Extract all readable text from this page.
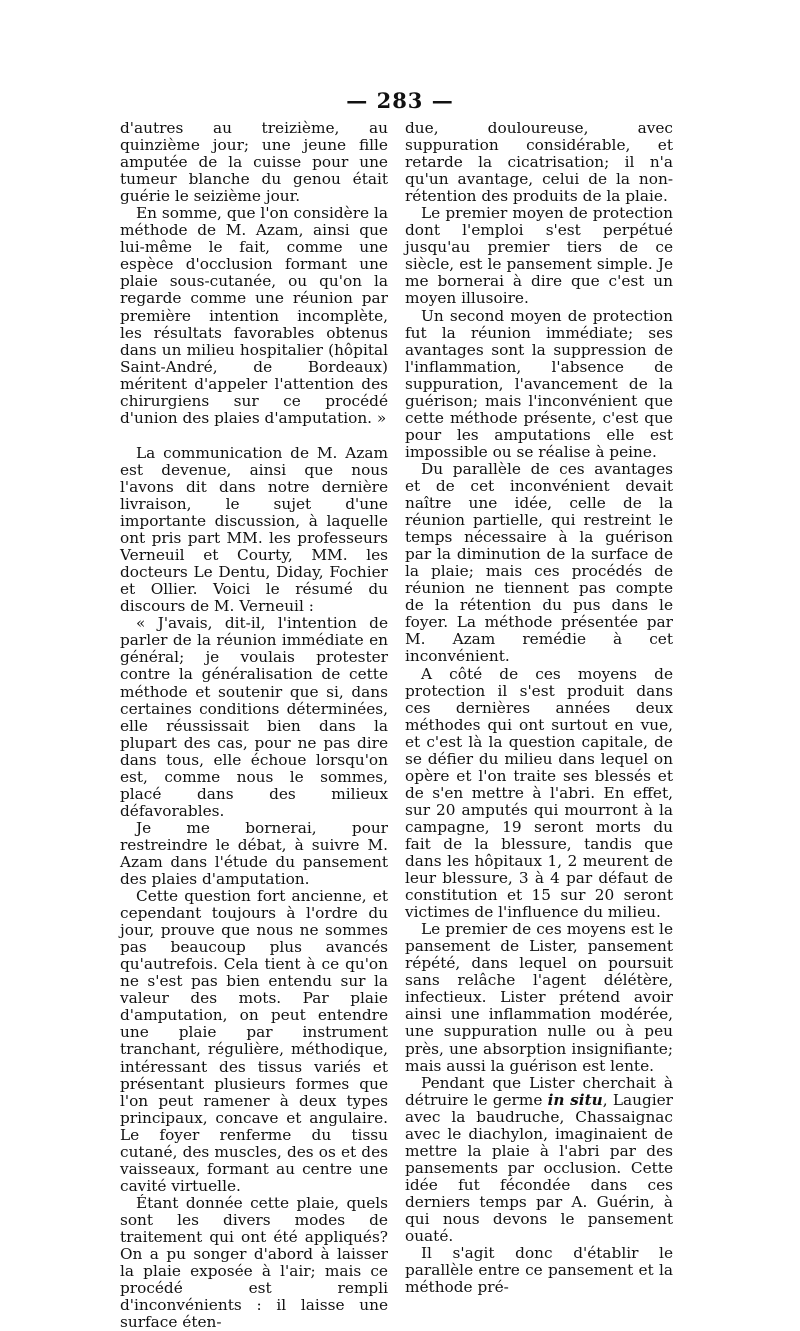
— 283 —

d'autres au treizième, au quinzième jour; une jeune fille amputée de la cuisse pour une tumeur blanche du genou était guérie le seizième jour.

En somme, que l'on considère la méthode de M. Azam, ainsi que lui-même le fait, comme une espèce d'occlusion formant une plaie sous-cutanée, ou qu'on la regarde comme une réunion par première intention incomplète, les résultats favorables obtenus dans un milieu hospitalier (hôpital Saint-André, de Bordeaux) méritent d'appeler l'attention des chirurgiens sur ce procédé d'union des plaies d'amputation. »

La communication de M. Azam est devenue, ainsi que nous l'avons dit dans notre dernière livraison, le sujet d'une importante discussion, à laquelle ont pris part MM. les professeurs Verneuil et Courty, MM. les docteurs Le Dentu, Diday, Fochier et Ollier. Voici le résumé du discours de M. Verneuil :

« J'avais, dit-il, l'intention de parler de la réunion immédiate en général; je voulais protester contre la généralisation de cette méthode et soutenir que si, dans certaines conditions déterminées, elle réussissait bien dans la plupart des cas, pour ne pas dire dans tous, elle échoue lorsqu'on est, comme nous le sommes, placé dans des milieux défavorables.

Je me bornerai, pour restreindre le débat, à suivre M. Azam dans l'étude du pansement des plaies d'amputation.

Cette question fort ancienne, et cependant toujours à l'ordre du jour, prouve que nous ne sommes pas beaucoup plus avancés qu'autrefois. Cela tient à ce qu'on ne s'est pas bien entendu sur la valeur des mots. Par plaie d'amputation, on peut entendre une plaie par instrument tranchant, régulière, méthodique, intéressant des tissus variés et présentant plusieurs formes que l'on peut ramener à deux types principaux, concave et angulaire. Le foyer renferme du tissu cutané, des muscles, des os et des vaisseaux, formant au centre une cavité virtuelle.

Étant donnée cette plaie, quels sont les divers modes de traitement qui ont été appliqués? On a pu songer d'abord à laisser la plaie exposée à l'air; mais ce procédé est rempli d'inconvénients : il laisse une surface éten-

due, douloureuse, avec suppuration considérable, et retarde la cicatrisation; il n'a qu'un avantage, celui de la non-rétention des produits de la plaie.

Le premier moyen de protection dont l'emploi s'est perpétué jusqu'au premier tiers de ce siècle, est le pansement simple. Je me bornerai à dire que c'est un moyen illusoire.

Un second moyen de protection fut la réunion immédiate; ses avantages sont la suppression de l'inflammation, l'absence de suppuration, l'avancement de la guérison; mais l'inconvénient que cette méthode présente, c'est que pour les amputations elle est impossible ou se réalise à peine.

Du parallèle de ces avantages et de cet inconvénient devait naître une idée, celle de la réunion partielle, qui restreint le temps nécessaire à la guérison par la diminution de la surface de la plaie; mais ces procédés de réunion ne tiennent pas compte de la rétention du pus dans le foyer. La méthode présentée par M. Azam remédie à cet inconvénient.

A côté de ces moyens de protection il s'est produit dans ces dernières années deux méthodes qui ont surtout en vue, et c'est là la question capitale, de se défier du milieu dans lequel on opère et l'on traite ses blessés et de s'en mettre à l'abri. En effet, sur 20 amputés qui mourront à la campagne, 19 seront morts du fait de la blessure, tandis que dans les hôpitaux 1, 2 meurent de leur blessure, 3 à 4 par défaut de constitution et 15 sur 20 seront victimes de l'influence du milieu.

Le premier de ces moyens est le pansement de Lister, pansement répété, dans lequel on poursuit sans relâche l'agent délétère, infectieux. Lister prétend avoir ainsi une inflammation modérée, une suppuration nulle ou à peu près, une absorption insignifiante; mais aussi la guérison est lente.

Pendant que Lister cherchait à détruire le germe in situ, Laugier avec la baudruche, Chassaignac avec le diachylon, imaginaient de mettre la plaie à l'abri par des pansements par occlusion. Cette idée fut fécondée dans ces derniers temps par A. Guérin, à qui nous devons le pansement ouaté.

Il s'agit donc d'établir le parallèle entre ce pansement et la méthode pré-
